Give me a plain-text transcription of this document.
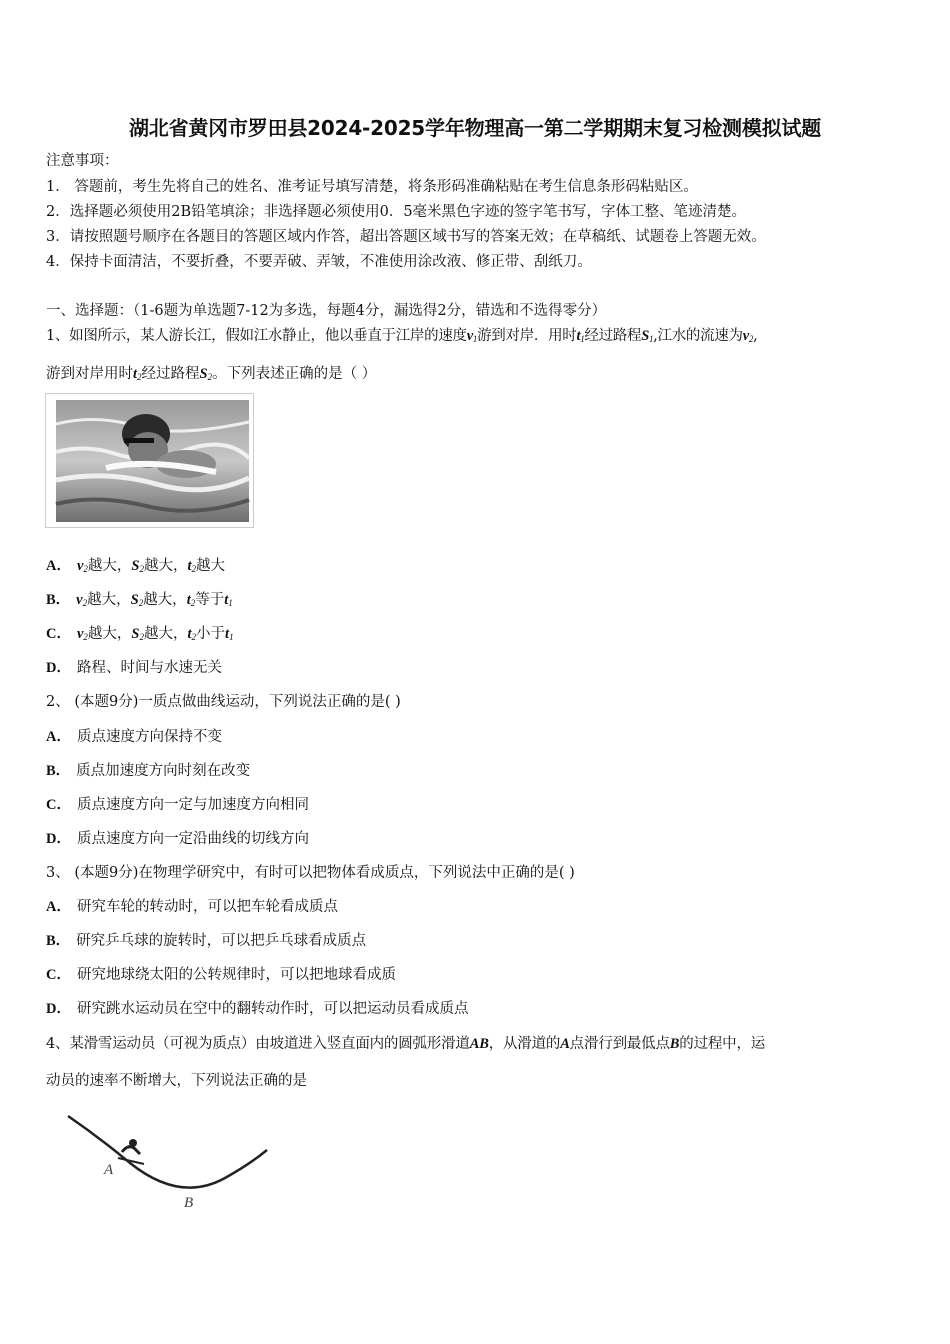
湖北省黄冈市罗田县2024-2025学年物理高一第二学期期末复习检测模拟试题
注意事项：
1． 答题前，考生先将自己的姓名、准考证号填写清楚，将条形码准确粘贴在考生信息条形码粘贴区。
2．选择题必须使用2B铅笔填涂；非选择题必须使用0．5毫米黑色字迹的签字笔书写，字体工整、笔迹清楚。
3．请按照题号顺序在各题目的答题区域内作答，超出答题区域书写的答案无效；在草稿纸、试题卷上答题无效。
4．保持卡面清洁，不要折叠，不要弄破、弄皱，不准使用涂改液、修正带、刮纸刀。
一、选择题：（1-6题为单选题7-12为多选，每题4分，漏选得2分，错选和不选得零分）
1、如图所示，某人游长江，假如江水静止，他以垂直于江岸的速度$v_1$游到对岸．用时$t_1$经过路程$S_1$,江水的流速为$v_2$,
游到对岸用时$t_2$经过路程$S_2$。下列表述正确的是（ ）
A． $v_2$越大，$S_2$越大，$t_2$越大
B． $v_2$越大，$S_2$越大，$t_2$等于$t_1$
C． $v_2$越大，$S_2$越大，$t_2$小于$t_1$
D． 路程、时间与水速无关
2、 (本题9分)一质点做曲线运动，下列说法正确的是( )
A． 质点速度方向保持不变
B． 质点加速度方向时刻在改变
C． 质点速度方向一定与加速度方向相同
D． 质点速度方向一定沿曲线的切线方向
3、 (本题9分)在物理学研究中，有时可以把物体看成质点，下列说法中正确的是( )
A． 研究车轮的转动时，可以把车轮看成质点
B． 研究乒乓球的旋转时，可以把乒乓球看成质点
C． 研究地球绕太阳的公转规律时，可以把地球看成质
D． 研究跳水运动员在空中的翻转动作时，可以把运动员看成质点
4、某滑雪运动员（可视为质点）由坡道进入竖直面内的圆弧形滑道AB，从滑道的A点滑行到最低点B的过程中，运
动员的速率不断增大，下列说法正确的是
A
B
